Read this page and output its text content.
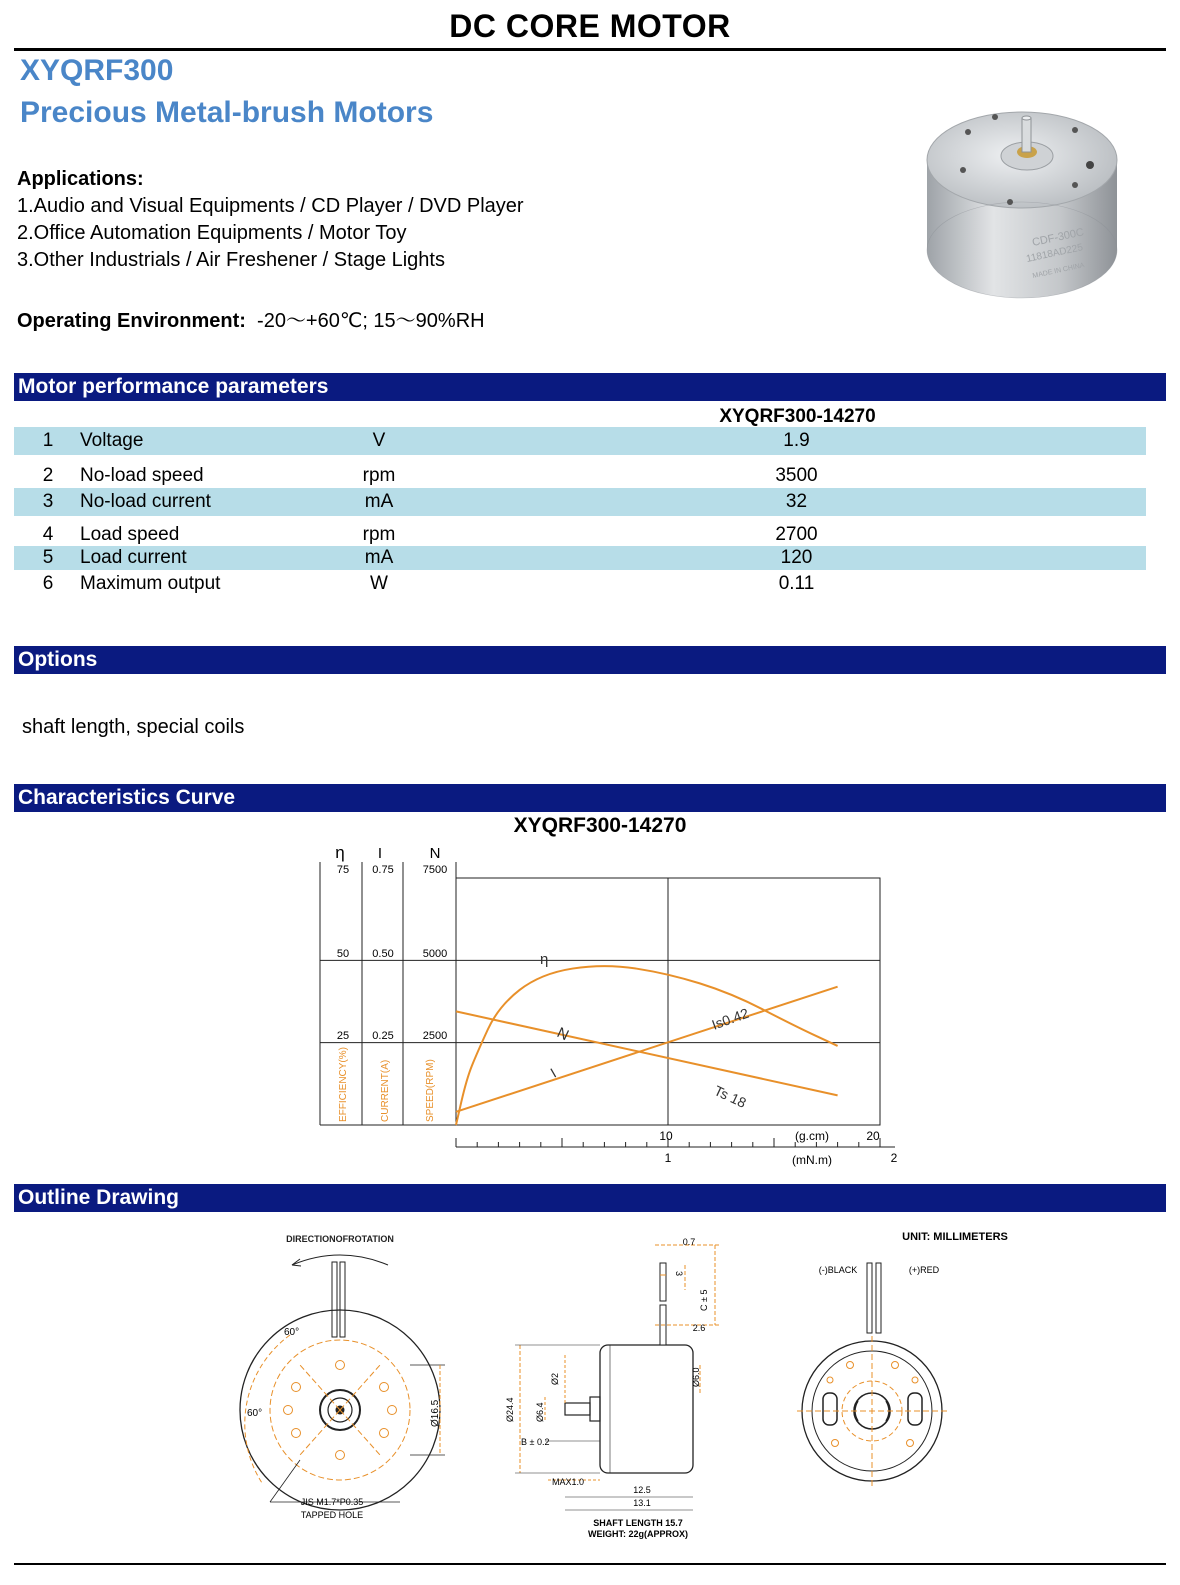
DC CORE MOTOR
XYQRF300
Precious Metal-brush Motors
Applications:
1.Audio and Visual Equipments / CD Player / DVD Player
2.Office Automation Equipments / Motor Toy
3.Other Industrials / Air Freshener / Stage Lights
Operating Environment: -20～+60℃; 15～90%RH
CDF-300C
11818AD225
MADE IN CHINA
Motor performance parameters
XYQRF300-14270
1	Voltage	V	1.9
2	No-load speed	rpm	3500
3	No-load current	mA	32
4	Load speed	rpm	2700
5	Load current	mA	120
6	Maximum output	W	0.11
Options
shaft length, special coils
Characteristics Curve
XYQRF300-14270
η I	N
75
50
25
0.75
0.50
0.25
7500
5000
2500
EFFICIENCY(%)	CURRENT(A)	SPEED(RPM)
10	20
(g.cm)
1	2
(mN.m)
η
N
I
Is0.42
Ts 18
Outline Drawing
UNIT: MILLIMETERS
DIRECTIONOFROTATION
60°
60°	Ø16.5
JIS M1.7*P0.35
TAPPED HOLE
0.7
3
C ± 5
2.6
Ø6.0
Ø2
Ø24.4 Ø6.4
B ± 0.2
MAX1.0
12.5
13.1
SHAFT LENGTH 15.7
WEIGHT: 22g(APPROX)
(-)BLACK	(+)RED
